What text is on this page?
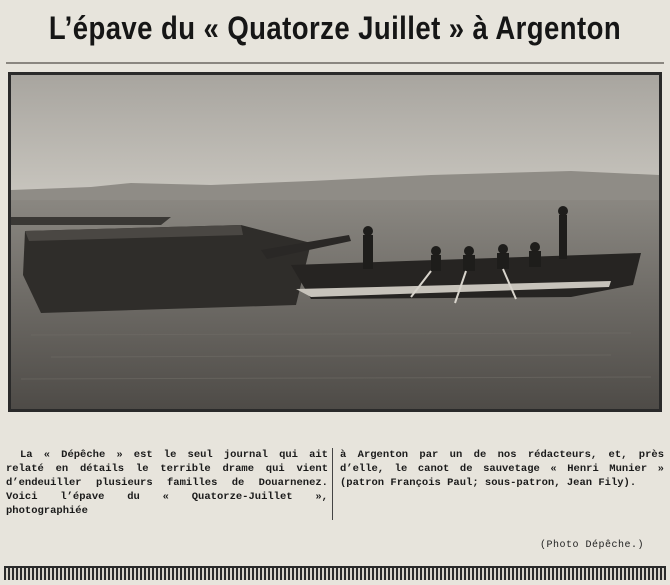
L’épave du « Quatorze Juillet » à Argenton
La « Dépêche » est le seul journal qui ait relaté en détails le terrible drame qui vient d’endeuiller plusieurs familles de Douarnenez. Voici l’épave du « Quatorze-Juillet », photographiée
à Argenton par un de nos rédacteurs, et, près d’elle, le canot de sauvetage « Henri Munier » (patron François Paul; sous-patron, Jean Fily).
(Photo Dépêche.)
